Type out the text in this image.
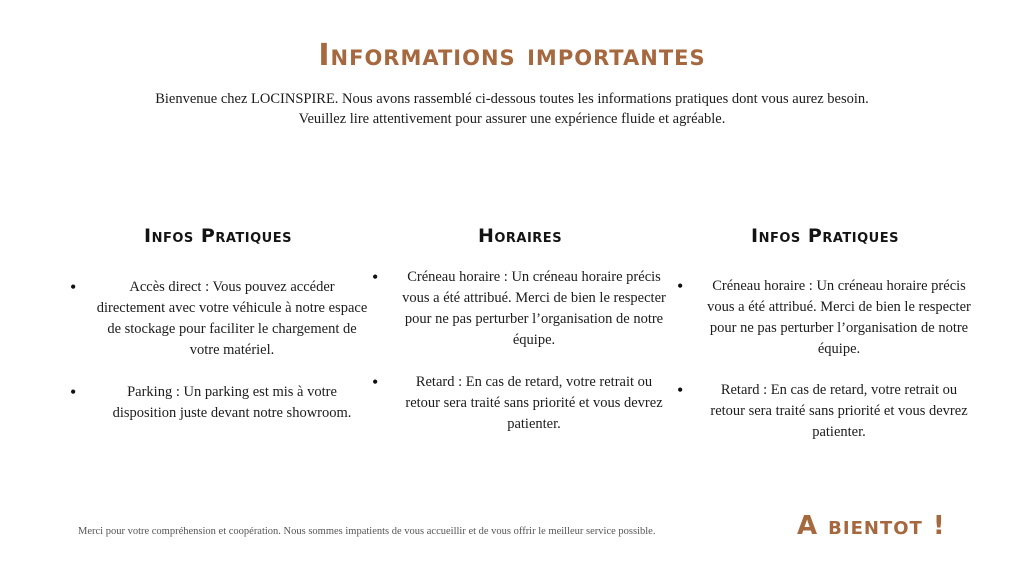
Informations importantes
Bienvenue chez LOCINSPIRE. Nous avons rassemblé ci-dessous toutes les informations pratiques dont vous aurez besoin.
Veuillez lire attentivement pour assurer une expérience fluide et agréable.
Infos Pratiques
• Accès direct : Vous pouvez accéder directement avec votre véhicule à notre espace de stockage pour faciliter le chargement de votre matériel.
• Parking : Un parking est mis à votre disposition juste devant notre showroom.
Horaires
• Créneau horaire : Un créneau horaire précis vous a été attribué. Merci de bien le respecter pour ne pas perturber l’organisation de notre équipe.
• Retard : En cas de retard, votre retrait ou retour sera traité sans priorité et vous devrez patienter.
Infos Pratiques
• Créneau horaire : Un créneau horaire précis vous a été attribué. Merci de bien le respecter pour ne pas perturber l’organisation de notre équipe.
• Retard : En cas de retard, votre retrait ou retour sera traité sans priorité et vous devrez patienter.
Merci pour votre compréhension et coopération. Nous sommes impatients de vous accueillir et de vous offrir le meilleur service possible.	A bientot !
